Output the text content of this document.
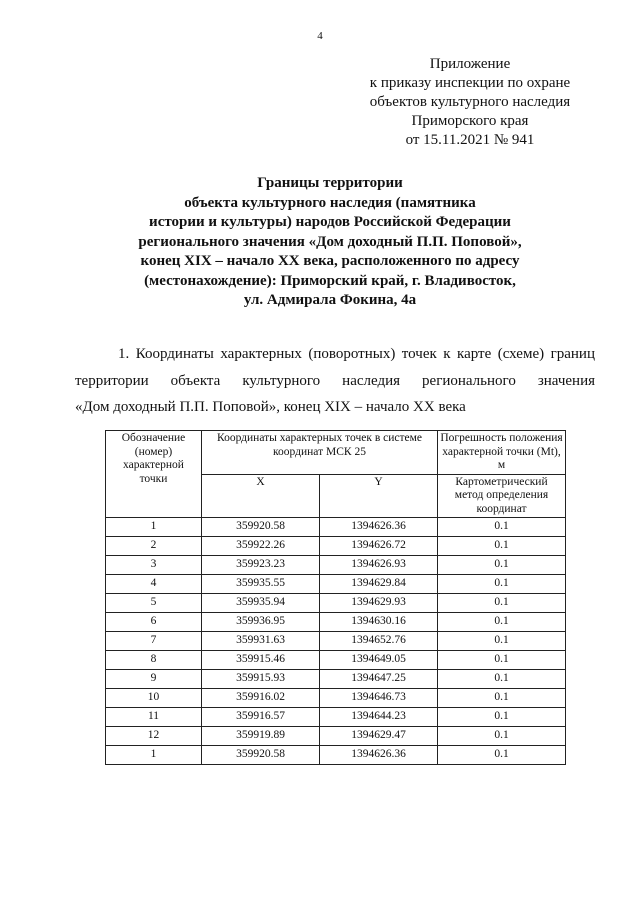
4
Приложение
к приказу инспекции по охране
объектов культурного наследия
Приморского края
от 15.11.2021 № 941
Границы территории
объекта культурного наследия (памятника
истории и культуры) народов Российской Федерации
регионального значения «Дом доходный П.П. Поповой»,
конец XIX – начало XX века, расположенного по адресу
(местонахождение): Приморский край, г. Владивосток,
ул. Адмирала Фокина, 4а
1. Координаты характерных (поворотных) точек к карте (схеме) границ
территории объекта культурного наследия регионального значения
«Дом доходный П.П. Поповой», конец XIX – начало XX века
Обозначение (номер) характерной точки	Координаты характерных точек в системе координат МСК 25		Погрешность положения характерной точки (Mt), м
	X	Y	Картометрический метод определения координат
1	359920.58	1394626.36	0.1
2	359922.26	1394626.72	0.1
3	359923.23	1394626.93	0.1
4	359935.55	1394629.84	0.1
5	359935.94	1394629.93	0.1
6	359936.95	1394630.16	0.1
7	359931.63	1394652.76	0.1
8	359915.46	1394649.05	0.1
9	359915.93	1394647.25	0.1
10	359916.02	1394646.73	0.1
11	359916.57	1394644.23	0.1
12	359919.89	1394629.47	0.1
1	359920.58	1394626.36	0.1
